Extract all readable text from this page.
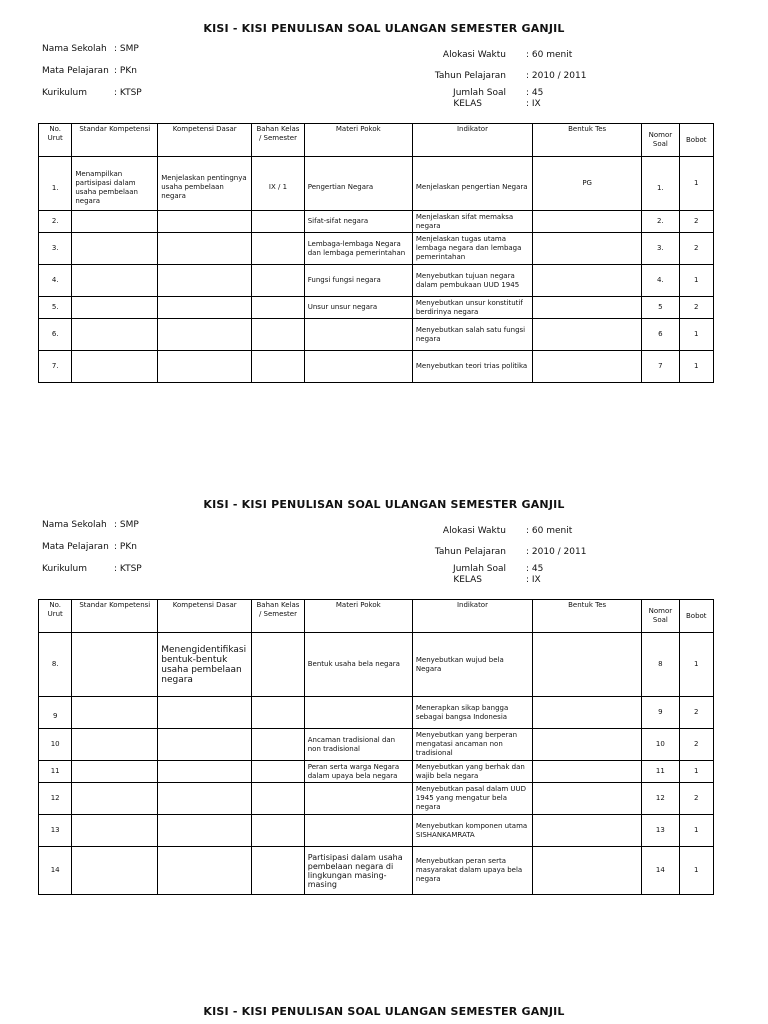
KISI - KISI PENULISAN SOAL ULANGAN SEMESTER GANJIL
Nama Sekolah : SMP
Mata Pelajaran : PKn
Kurikulum	: KTSP
Alokasi Waktu : 60 menit
Tahun Pelajaran : 2010 / 2011
Jumlah Soal : 45
KELAS	: IX
No. Urut	Standar Kompetensi	Kompetensi Dasar	Bahan Kelas / Semester	Materi Pokok	Indikator	Bentuk Tes	Nomor Soal	Bobot
1.	Menampilkan partisipasi dalam usaha pembelaan negara	Menjelaskan pentingnya usaha pembelaan negara	IX / 1	Pengertian Negara	Menjelaskan pengertian Negara	PG	1.	1
2.				Sifat-sifat negara	Menjelaskan sifat memaksa negara		2.	2
3.				Lembaga-lembaga Negara dan lembaga pemerintahan	Menjelaskan tugas utama lembaga negara dan lembaga pemerintahan		3.	2
4.				Fungsi fungsi negara	Menyebutkan tujuan negara dalam pembukaan UUD 1945		4.	1
5.				Unsur unsur negara	Menyebutkan unsur konstitutif berdirinya negara		5	2
6.					Menyebutkan salah satu fungsi negara		6	1
7.					Menyebutkan teori trias politika		7	1
KISI - KISI PENULISAN SOAL ULANGAN SEMESTER GANJIL
Nama Sekolah : SMP
Mata Pelajaran : PKn
Kurikulum	: KTSP
Alokasi Waktu : 60 menit
Tahun Pelajaran : 2010 / 2011
Jumlah Soal : 45
KELAS	: IX
No. Urut	Standar Kompetensi	Kompetensi Dasar	Bahan Kelas / Semester	Materi Pokok	Indikator	Bentuk Tes	Nomor Soal	Bobot
8.		Menengidentifikasi bentuk-bentuk usaha pembelaan negara		Bentuk usaha bela negara	Menyebutkan wujud bela Negara		8	1
9					Menerapkan sikap bangga sebagai bangsa Indonesia		9	2
10				Ancaman tradisional dan non tradisional	Menyebutkan yang berperan mengatasi ancaman non tradisional		10	2
11				Peran serta warga Negara dalam upaya bela negara	Menyebutkan yang berhak dan wajib bela negara		11	1
12					Menyebutkan pasal dalam UUD 1945 yang mengatur bela negara		12	2
13					Menyebutkan komponen utama SISHANKAMRATA		13	1
14				Partisipasi dalam usaha pembelaan negara di lingkungan masing-masing	Menyebutkan peran serta masyarakat dalam upaya bela negara		14	1
KISI - KISI PENULISAN SOAL ULANGAN SEMESTER GANJIL
